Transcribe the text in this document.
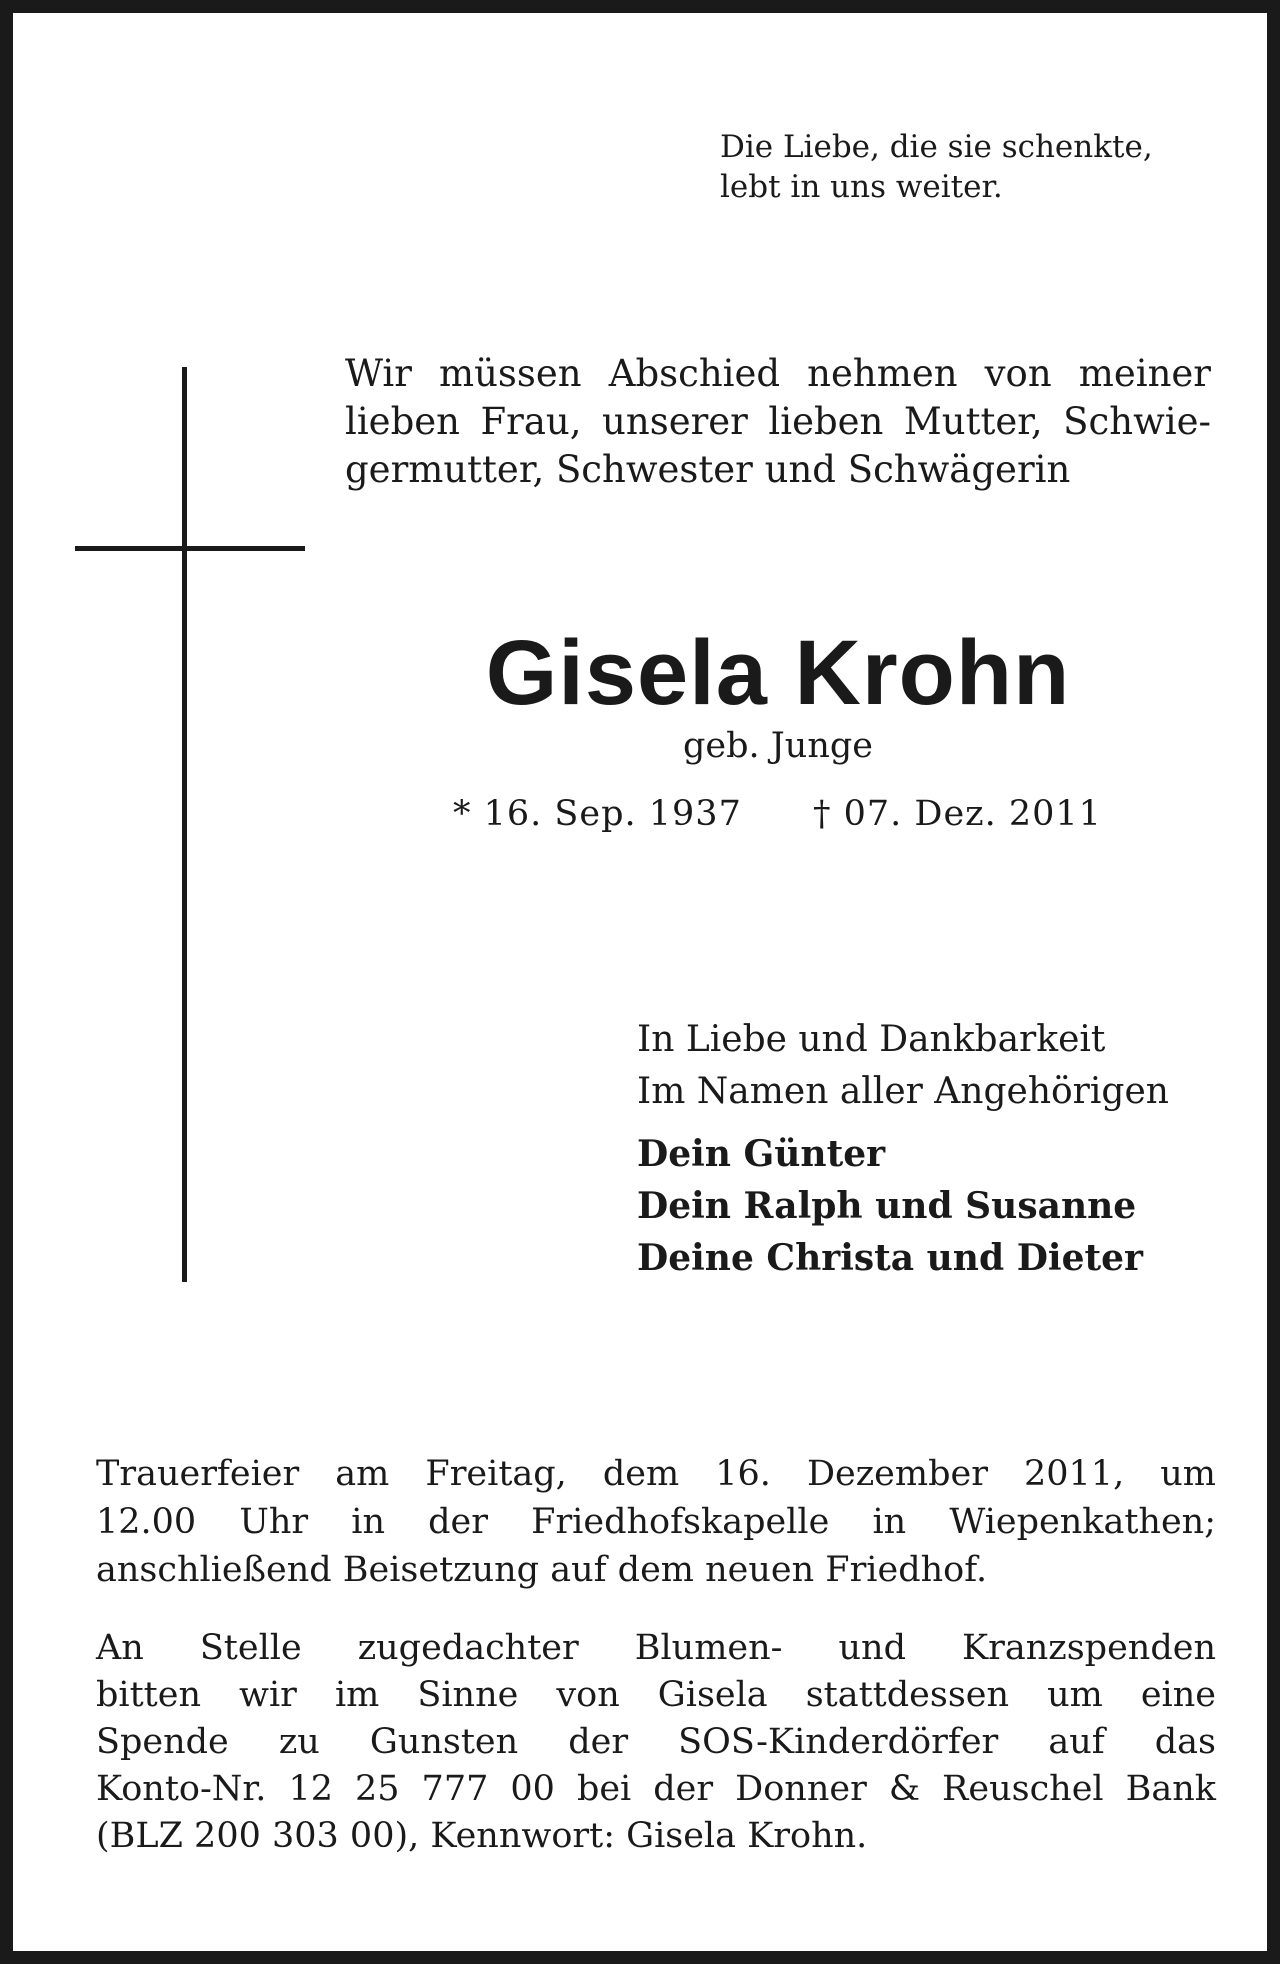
Die Liebe, die sie schenkte,
lebt in uns weiter.
Wir müssen Abschied nehmen von meiner
lieben Frau, unserer lieben Mutter, Schwie-
germutter, Schwester und Schwägerin
Gisela Krohn
geb. Junge
* 16. Sep. 1937 † 07. Dez. 2011
In Liebe und Dankbarkeit
Im Namen aller Angehörigen
Dein Günter
Dein Ralph und Susanne
Deine Christa und Dieter
Trauerfeier am Freitag, dem 16. Dezember 2011, um
12.00 Uhr in der Friedhofskapelle in Wiepenkathen;
anschließend Beisetzung auf dem neuen Friedhof.
An Stelle zugedachter Blumen- und Kranzspenden
bitten wir im Sinne von Gisela stattdessen um eine
Spende zu Gunsten der SOS-Kinderdörfer auf das
Konto-Nr. 12 25 777 00 bei der Donner & Reuschel Bank
(BLZ 200 303 00), Kennwort: Gisela Krohn.
